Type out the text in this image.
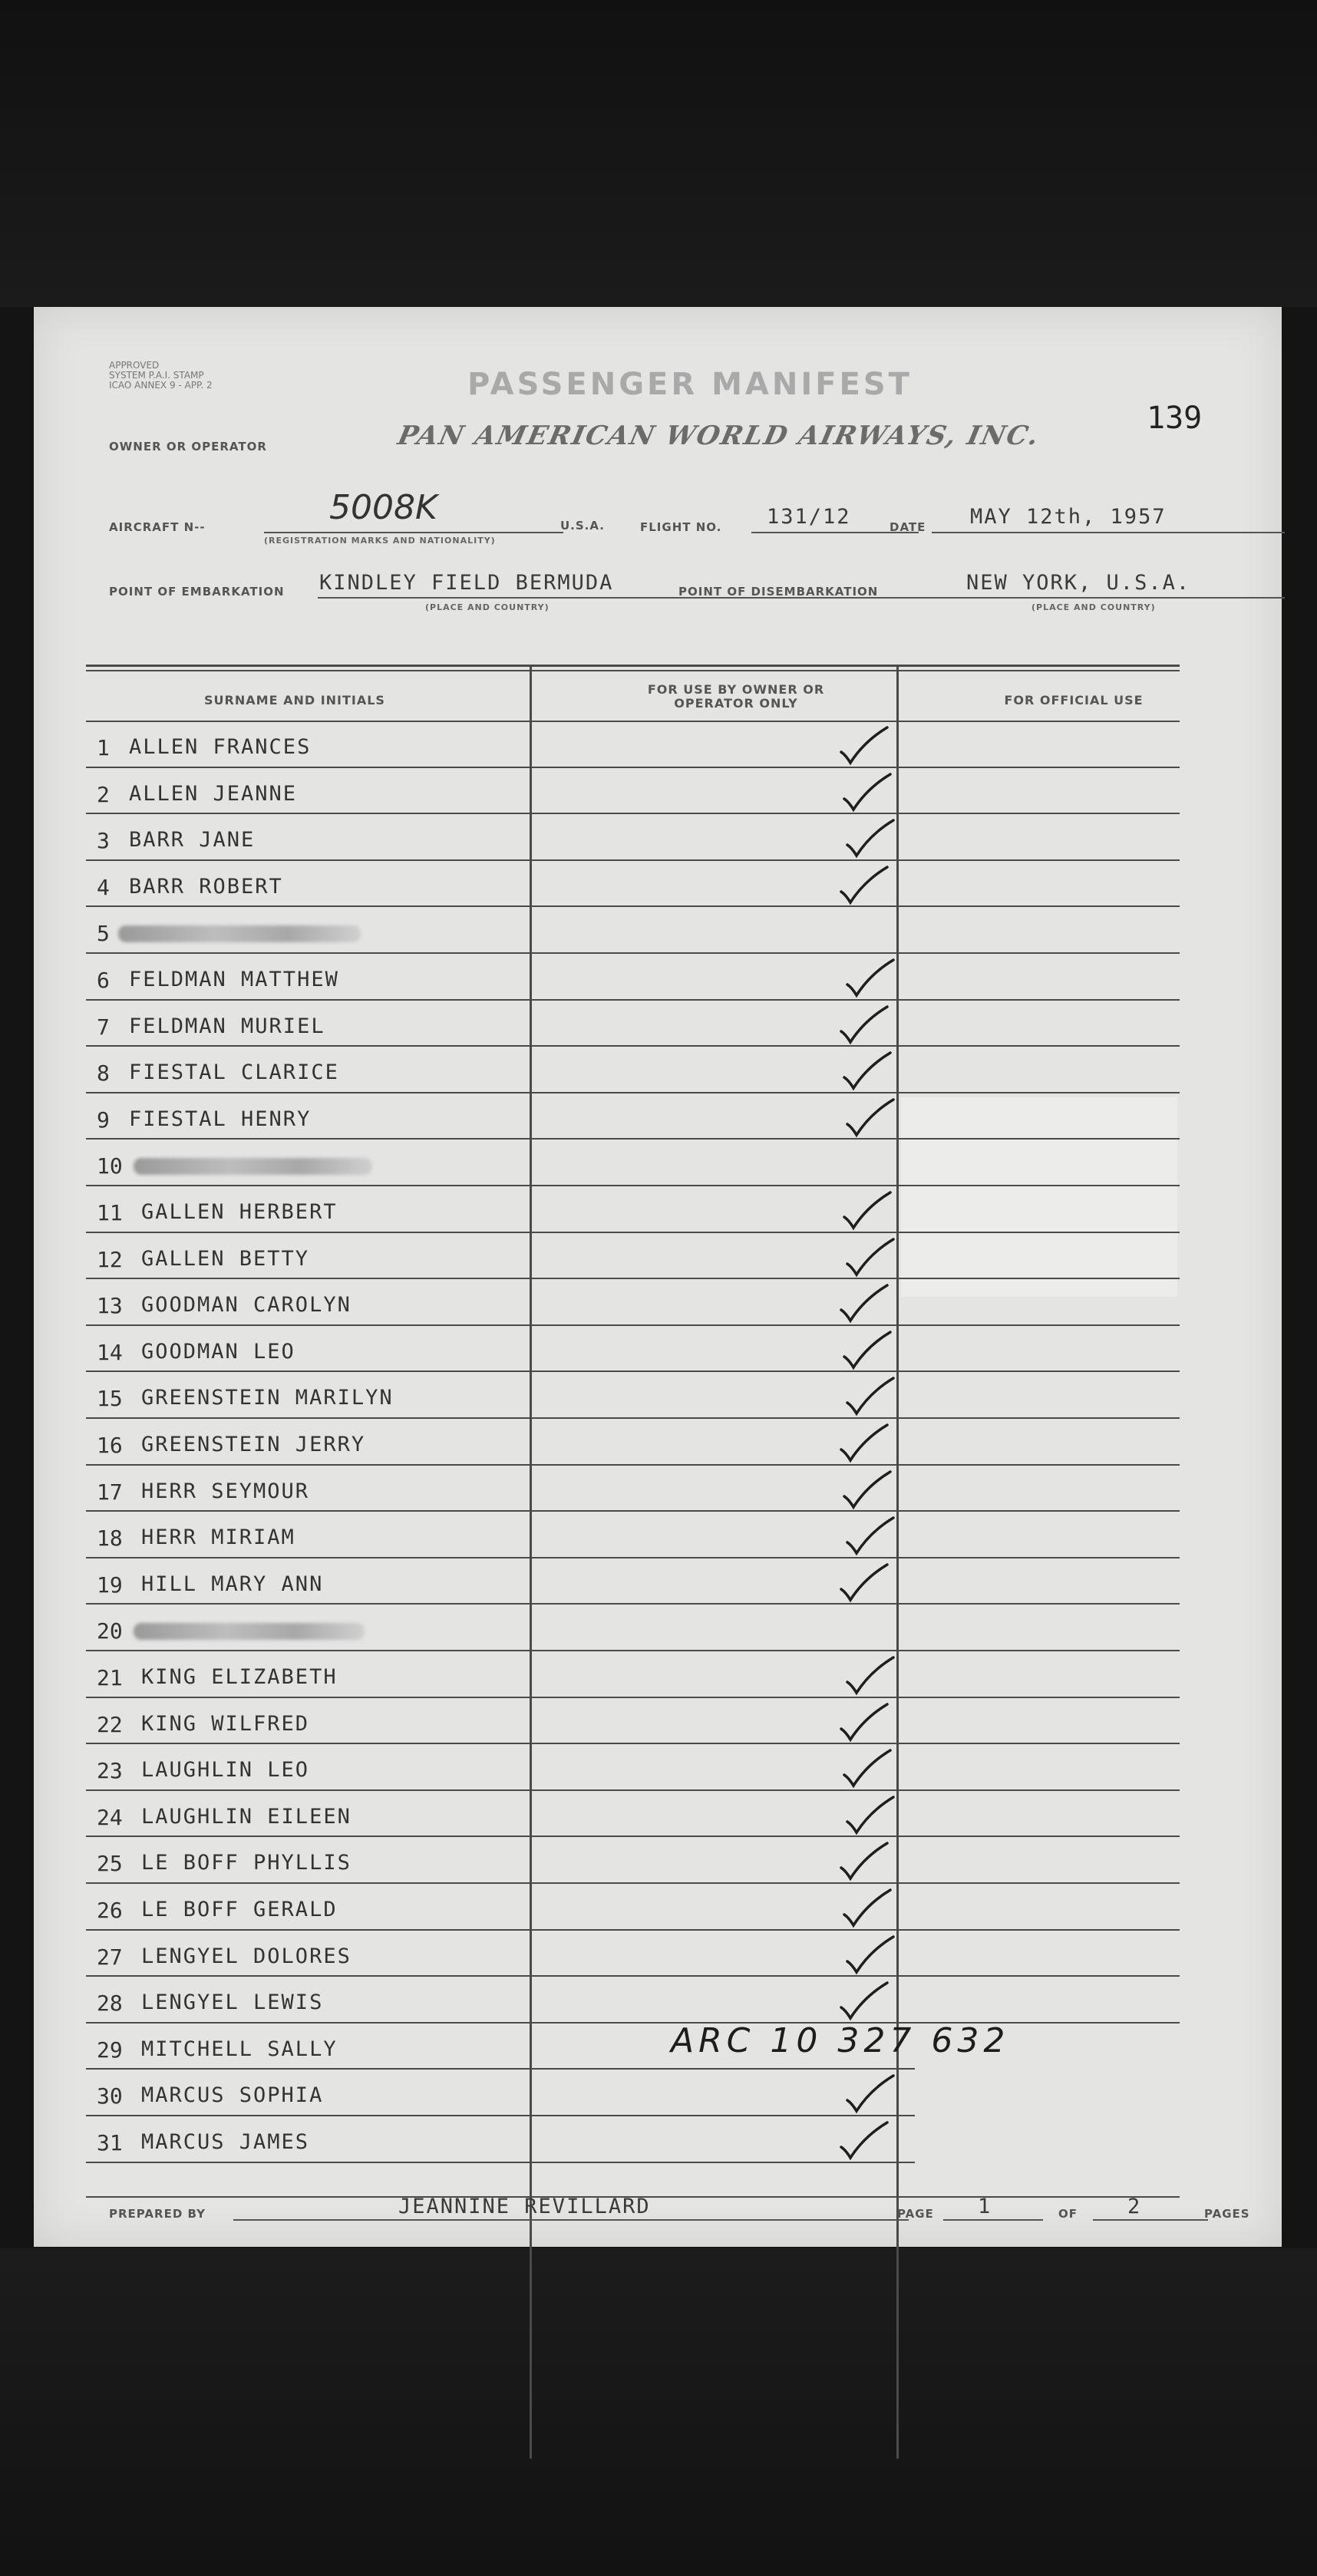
APPROVED
SYSTEM P.A.I. STAMP
ICAO ANNEX 9 - APP. 2
OWNER OR OPERATOR
PASSENGER MANIFEST
PAN AMERICAN WORLD AIRWAYS, INC.	139
AIRCRAFT N--	5008K
(REGISTRATION MARKS AND NATIONALITY)
U.S.A.	FLIGHT NO. 131/12	DATE MAY 12th, 1957
POINT OF EMBARKATION KINDLEY FIELD BERMUDA
(PLACE AND COUNTRY)
POINT OF DISEMBARKATION	NEW YORK, U.S.A.
(PLACE AND COUNTRY)
SURNAME AND INITIALS
FOR USE BY OWNER OR OPERATOR ONLY	FOR OFFICIAL USE
1 ALLEN FRANCES
2 ALLEN JEANNE
3 BARR JANE
4 BARR ROBERT
5
6 FELDMAN MATTHEW
7 FELDMAN MURIEL
8 FIESTAL CLARICE
9 FIESTAL HENRY
10
11 GALLEN HERBERT
12 GALLEN BETTY
13 GOODMAN CAROLYN
14 GOODMAN LEO
15 GREENSTEIN MARILYN
16 GREENSTEIN JERRY
17 HERR SEYMOUR
18 HERR MIRIAM
19 HILL MARY ANN
20
21 KING ELIZABETH
22 KING WILFRED
23 LAUGHLIN LEO
24 LAUGHLIN EILEEN
25 LE BOFF PHYLLIS
26 LE BOFF GERALD
27 LENGYEL DOLORES
28 LENGYEL LEWIS
29 MITCHELL SALLY
30 MARCUS SOPHIA
31 MARCUS JAMES
ARC 10 327 632
PREPARED BY	JEANNINE REVILLARD	PAGE 1	OF 2	PAGES
